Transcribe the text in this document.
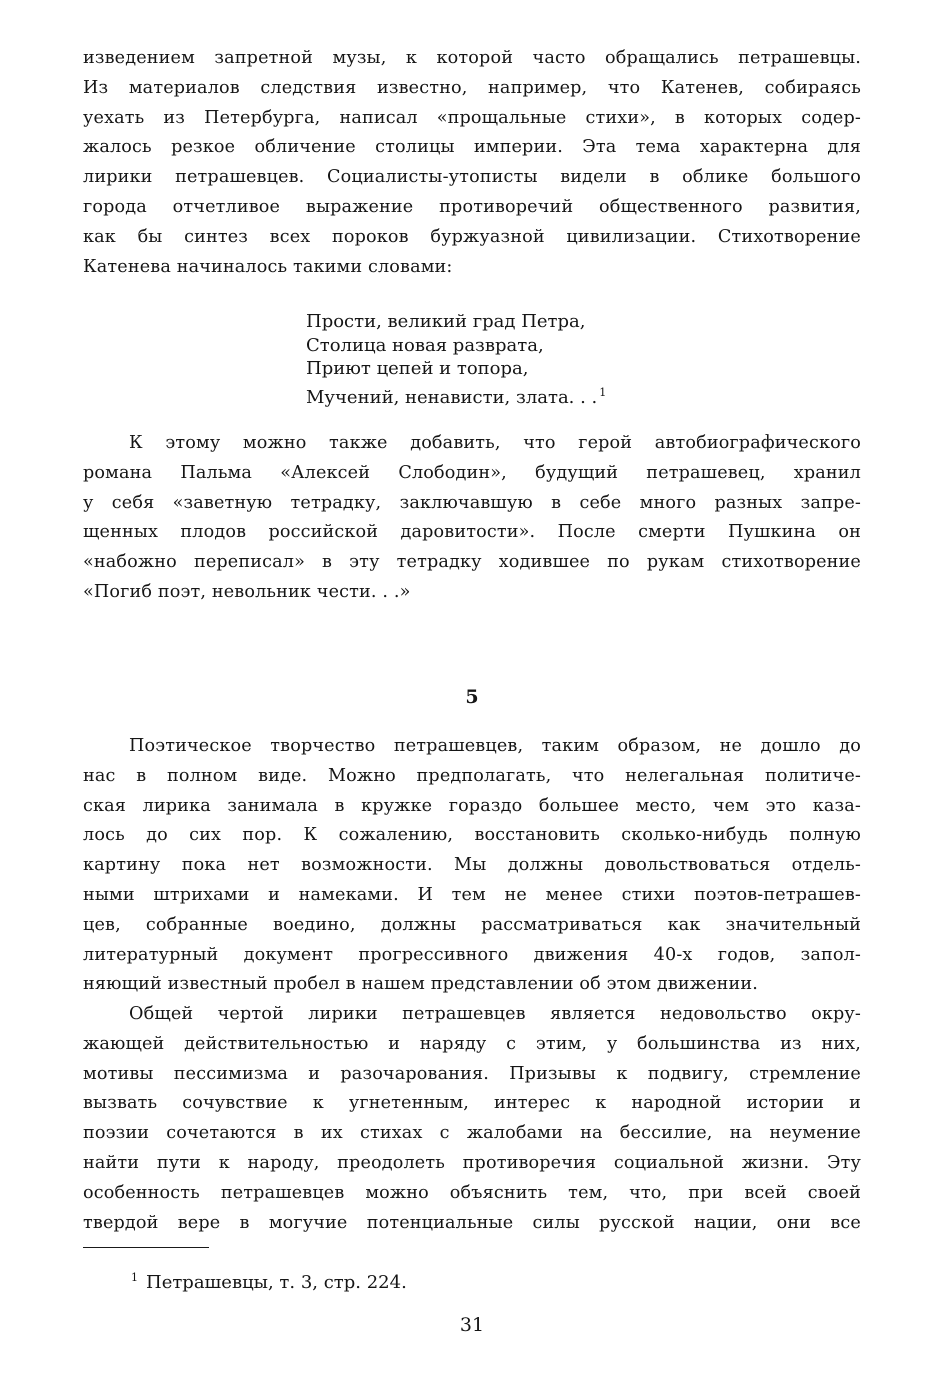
изведением запретной музы, к которой часто обращались петрашевцы.
Из материалов следствия известно, например, что Катенев, собираясь
уехать из Петербурга, написал «прощальные стихи», в которых содер-
жалось резкое обличение столицы империи. Эта тема характерна для
лирики петрашевцев. Социалисты-утописты видели в облике большого
города отчетливое выражение противоречий общественного развития,
как бы синтез всех пороков буржуазной цивилизации. Стихотворение
Катенева начиналось такими словами:
Прости, великий град Петра,
Столица новая разврата,
Приют цепей и топора,
Мучений, ненависти, злата. . . $^1$
К этому можно также добавить, что герой автобиографического
романа Пальма «Алексей Слободин», будущий петрашевец, хранил
у себя «заветную тетрадку, заключавшую в себе много разных запре-
щенных плодов российской даровитости». После смерти Пушкина он
«набожно переписал» в эту тетрадку ходившее по рукам стихотворение
«Погиб поэт, невольник чести. . .»
5
Поэтическое творчество петрашевцев, таким образом, не дошло до
нас в полном виде. Можно предполагать, что нелегальная политиче-
ская лирика занимала в кружке гораздо большее место, чем это каза-
лось до сих пор. К сожалению, восстановить сколько-нибудь полную
картину пока нет возможности. Мы должны довольствоваться отдель-
ными штрихами и намеками. И тем не менее стихи поэтов-петрашев-
цев, собранные воедино, должны рассматриваться как значительный
литературный документ прогрессивного движения 40-х годов, запол-
няющий известный пробел в нашем представлении об этом движении.
Общей чертой лирики петрашевцев является недовольство окру-
жающей действительностью и наряду с этим, у большинства из них,
мотивы пессимизма и разочарования. Призывы к подвигу, стремление
вызвать сочувствие к угнетенным, интерес к народной истории и
поэзии сочетаются в их стихах с жалобами на бессилие, на неумение
найти пути к народу, преодолеть противоречия социальной жизни. Эту
особенность петрашевцев можно объяснить тем, что, при всей своей
твердой вере в могучие потенциальные силы русской нации, они все
$^1$ Петрашевцы, т. 3, стр. 224.
31
